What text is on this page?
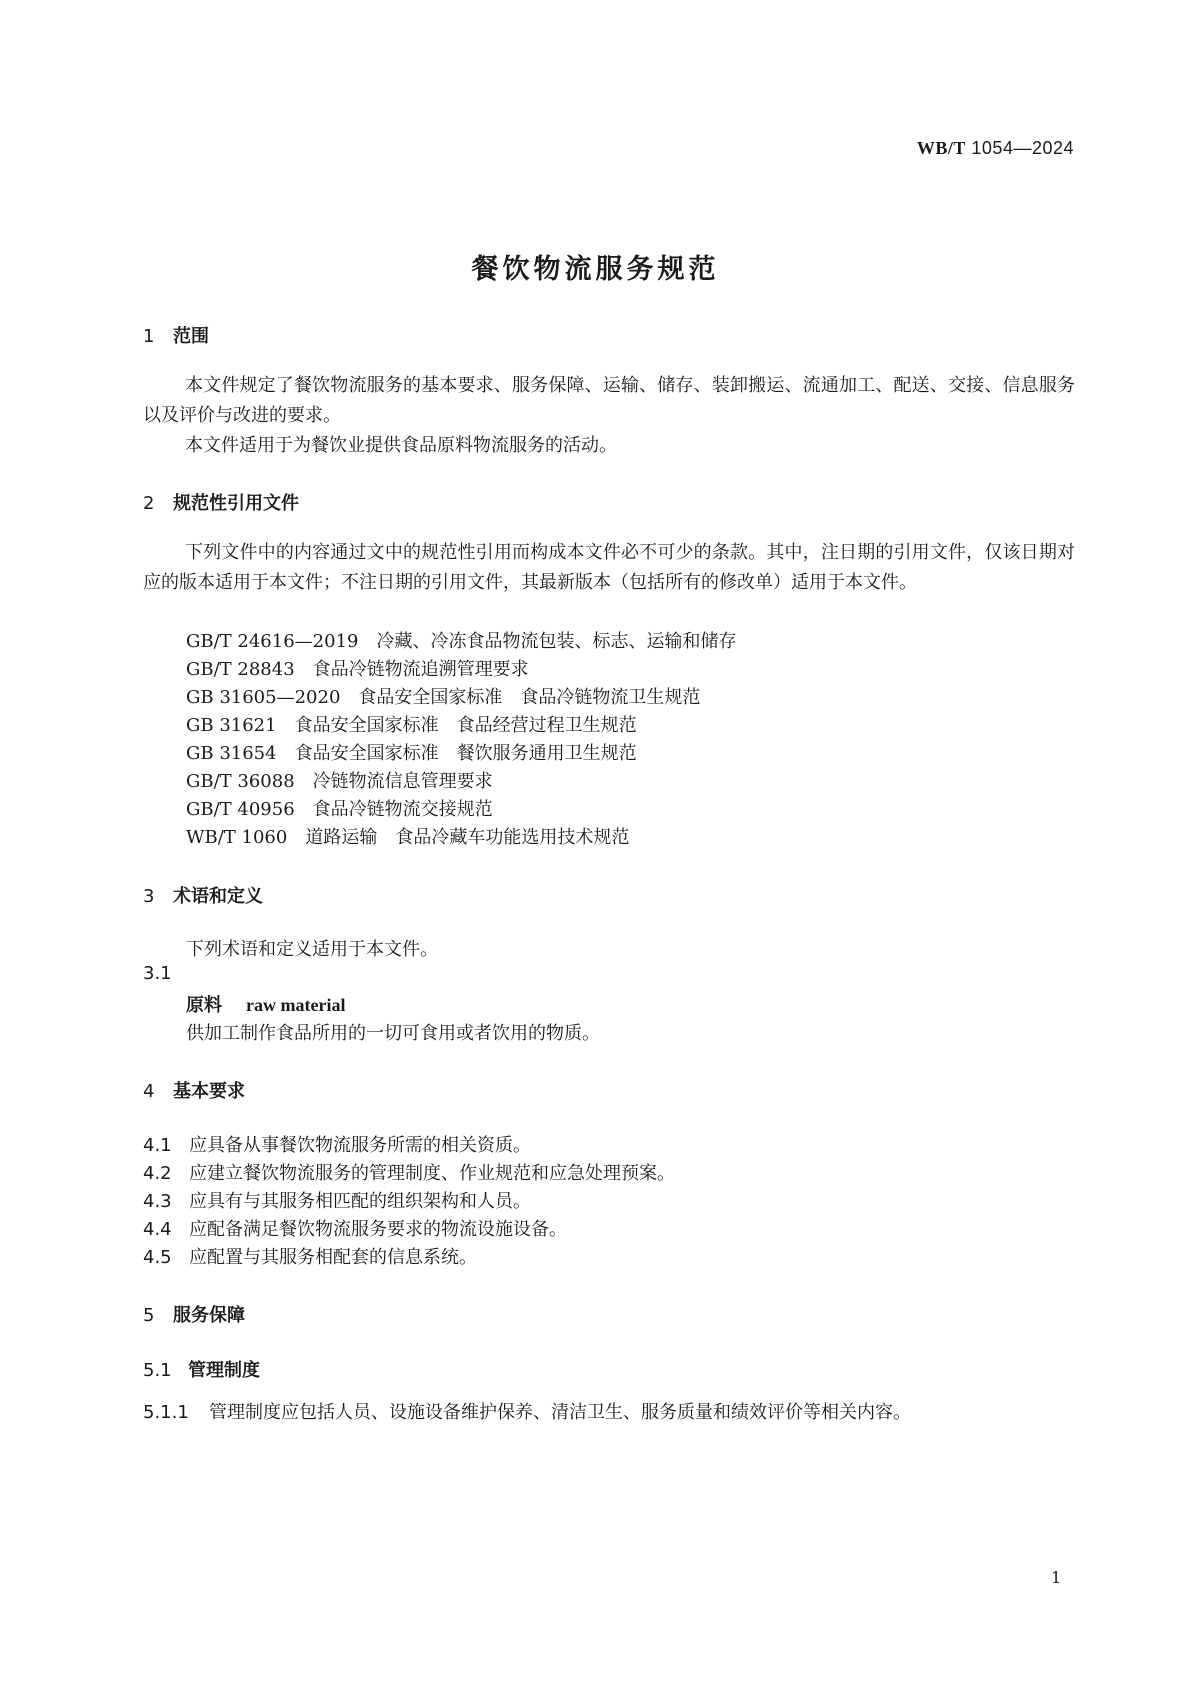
WB/T 1054—2024
餐饮物流服务规范
1 范围
本文件规定了餐饮物流服务的基本要求、服务保障、运输、储存、装卸搬运、流通加工、配送、交接、信息服务以及评价与改进的要求。
本文件适用于为餐饮业提供食品原料物流服务的活动。
2 规范性引用文件
下列文件中的内容通过文中的规范性引用而构成本文件必不可少的条款。其中，注日期的引用文件，仅该日期对应的版本适用于本文件；不注日期的引用文件，其最新版本（包括所有的修改单）适用于本文件。
GB/T 24616—2019　冷藏、冷冻食品物流包装、标志、运输和储存
GB/T 28843　食品冷链物流追溯管理要求
GB 31605—2020　食品安全国家标准　食品冷链物流卫生规范
GB 31621　食品安全国家标准　食品经营过程卫生规范
GB 31654　食品安全国家标准　餐饮服务通用卫生规范
GB/T 36088　冷链物流信息管理要求
GB/T 40956　食品冷链物流交接规范
WB/T 1060　道路运输　食品冷藏车功能选用技术规范
3 术语和定义
下列术语和定义适用于本文件。
3.1
原料 raw material
供加工制作食品所用的一切可食用或者饮用的物质。
4 基本要求
4.1 应具备从事餐饮物流服务所需的相关资质。
4.2 应建立餐饮物流服务的管理制度、作业规范和应急处理预案。
4.3 应具有与其服务相匹配的组织架构和人员。
4.4 应配备满足餐饮物流服务要求的物流设施设备。
4.5 应配置与其服务相配套的信息系统。
5 服务保障
5.1 管理制度
5.1.1 管理制度应包括人员、设施设备维护保养、清洁卫生、服务质量和绩效评价等相关内容。
1
